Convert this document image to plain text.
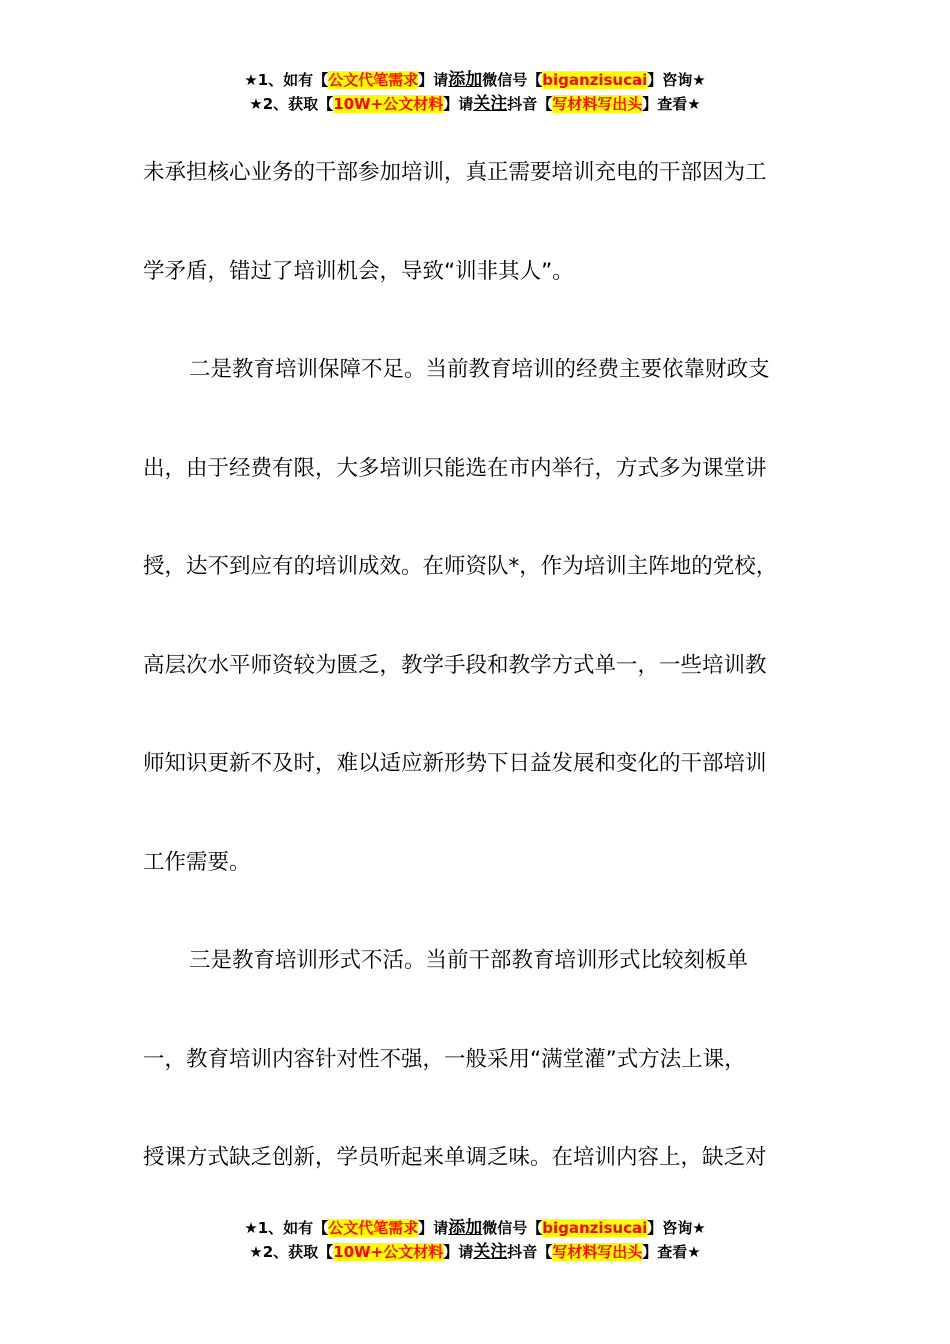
★1、如有【公文代笔需求】请添加微信号【biganzisucai】咨询★
★2、获取【10W+公文材料】请关注抖音【写材料写出头】查看★
未承担核心业务的干部参加培训，真正需要培训充电的干部因为工
学矛盾，错过了培训机会，导致“训非其人”。
二是教育培训保障不足。当前教育培训的经费主要依靠财政支
出，由于经费有限，大多培训只能选在市内举行，方式多为课堂讲
授，达不到应有的培训成效。在师资队*，作为培训主阵地的党校，
高层次水平师资较为匮乏，教学手段和教学方式单一，一些培训教
师知识更新不及时，难以适应新形势下日益发展和变化的干部培训
工作需要。
三是教育培训形式不活。当前干部教育培训形式比较刻板单
一，教育培训内容针对性不强，一般采用“满堂灌”式方法上课，
授课方式缺乏创新，学员听起来单调乏味。在培训内容上，缺乏对
★1、如有【公文代笔需求】请添加微信号【biganzisucai】咨询★
★2、获取【10W+公文材料】请关注抖音【写材料写出头】查看★
